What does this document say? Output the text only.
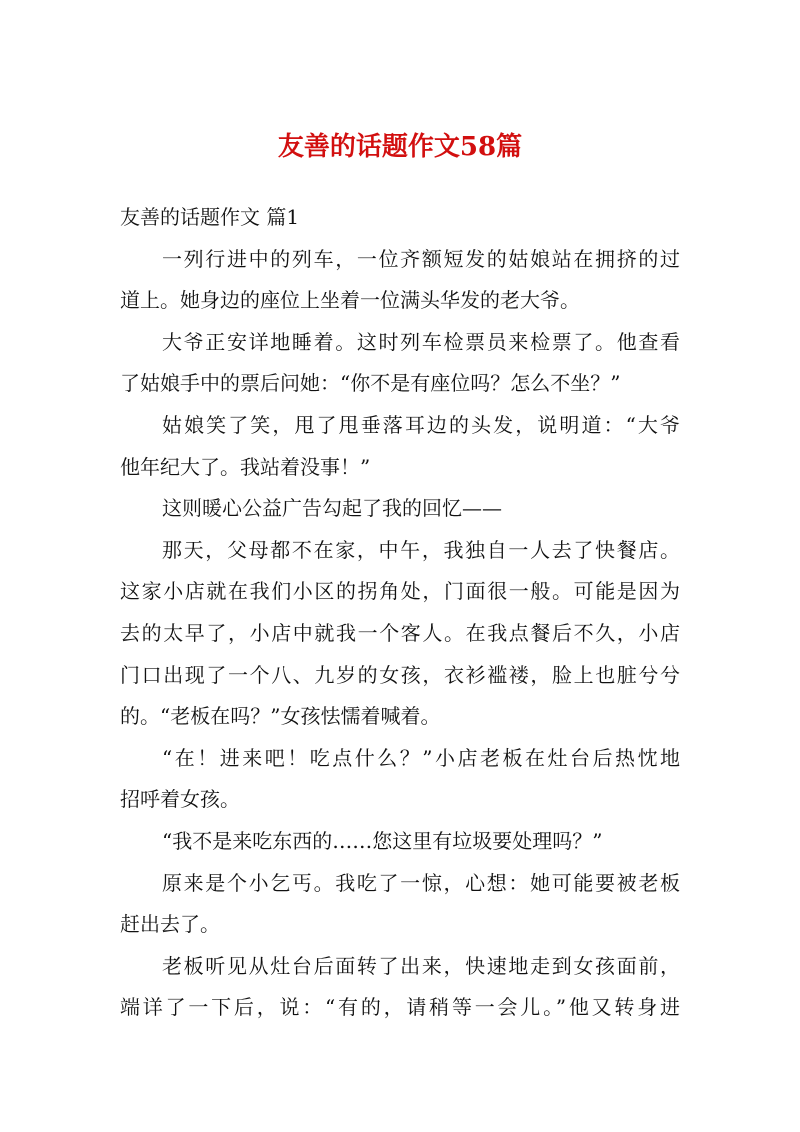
友善的话题作文58篇
友善的话题作文 篇1
一列行进中的列车，一位齐额短发的姑娘站在拥挤的过
道上。她身边的座位上坐着一位满头华发的老大爷。
大爷正安详地睡着。这时列车检票员来检票了。他查看
了姑娘手中的票后问她：“你不是有座位吗？怎么不坐？”
姑娘笑了笑，甩了甩垂落耳边的头发，说明道：“大爷
他年纪大了。我站着没事！”
这则暖心公益广告勾起了我的回忆——
那天，父母都不在家，中午，我独自一人去了快餐店。
这家小店就在我们小区的拐角处，门面很一般。可能是因为
去的太早了，小店中就我一个客人。在我点餐后不久，小店
门口出现了一个八、九岁的女孩，衣衫褴褛，脸上也脏兮兮
的。“老板在吗？”女孩怯懦着喊着。
“在！进来吧！吃点什么？”小店老板在灶台后热忱地
招呼着女孩。
“我不是来吃东西的……您这里有垃圾要处理吗？”
原来是个小乞丐。我吃了一惊，心想：她可能要被老板
赶出去了。
老板听见从灶台后面转了出来，快速地走到女孩面前，
端详了一下后，说：“有的，请稍等一会儿。”他又转身进
